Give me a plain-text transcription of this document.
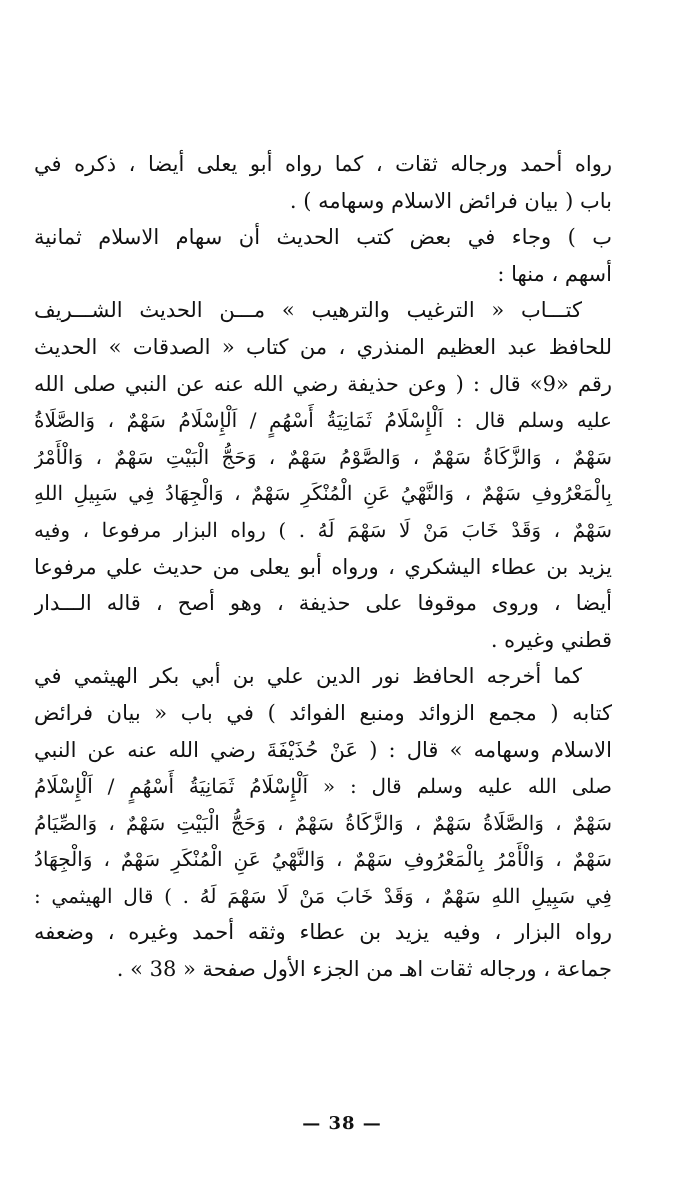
رواه أحمد ورجاله ثقات ، كما رواه أبو يعلى أيضا ، ذكره في
باب ( بيان فرائض الاسلام وسهامه ) .
ب ) وجاء في بعض كتب الحديث أن سهام الاسلام ثمانية
أسهم ، منها :
كتـــاب « الترغيب والترهيب » مـــن الحديث الشـــريف
للحافظ عبد العظيم المنذري ، من كتاب « الصدقات » الحديث
رقم «9» قال : ( وعن حذيفة رضي الله عنه عن النبي صلى الله
عليه وسلم قال : اَلْإِسْلَامُ ثَمَانِيَةُ أَسْهُمٍ / اَلْإِسْلَامُ سَهْمٌ ، وَالصَّلَاةُ
سَهْمٌ ، وَالزَّكَاةُ سَهْمٌ ، وَالصَّوْمُ سَهْمٌ ، وَحَجُّ الْبَيْتِ سَهْمٌ ، وَالْأَمْرُ
بِالْمَعْرُوفِ سَهْمٌ ، وَالنَّهْيُ عَنِ الْمُنْكَرِ سَهْمٌ ، وَالْجِهَادُ فِي سَبِيلِ اللهِ
سَهْمٌ ، وَقَدْ خَابَ مَنْ لَا سَهْمَ لَهُ . ) رواه البزار مرفوعا ، وفيه
يزيد بن عطاء اليشكري ، ورواه أبو يعلى من حديث علي مرفوعا
أيضا ، وروى موقوفا على حذيفة ، وهو أصح ، قاله الـــدار
قطني وغيره .
كما أخرجه الحافظ نور الدين علي بن أبي بكر الهيثمي في
كتابه ( مجمع الزوائد ومنبع الفوائد ) في باب « بيان فرائض
الاسلام وسهامه » قال : ( عَنْ حُذَيْفَةَ رضي الله عنه عن النبي
صلى الله عليه وسلم قال : « اَلْإِسْلَامُ ثَمَانِيَةُ أَسْهُمٍ / اَلْإِسْلَامُ
سَهْمٌ ، وَالصَّلَاةُ سَهْمٌ ، وَالزَّكَاةُ سَهْمٌ ، وَحَجُّ الْبَيْتِ سَهْمٌ ، وَالصِّيَامُ
سَهْمٌ ، وَالْأَمْرُ بِالْمَعْرُوفِ سَهْمٌ ، وَالنَّهْيُ عَنِ الْمُنْكَرِ سَهْمٌ ، وَالْجِهَادُ
فِي سَبِيلِ اللهِ سَهْمٌ ، وَقَدْ خَابَ مَنْ لَا سَهْمَ لَهُ . ) قال الهيثمي :
رواه البزار ، وفيه يزيد بن عطاء وثقه أحمد وغيره ، وضعفه
جماعة ، ورجاله ثقات اهـ من الجزء الأول صفحة « 38 » .
— 38 —
